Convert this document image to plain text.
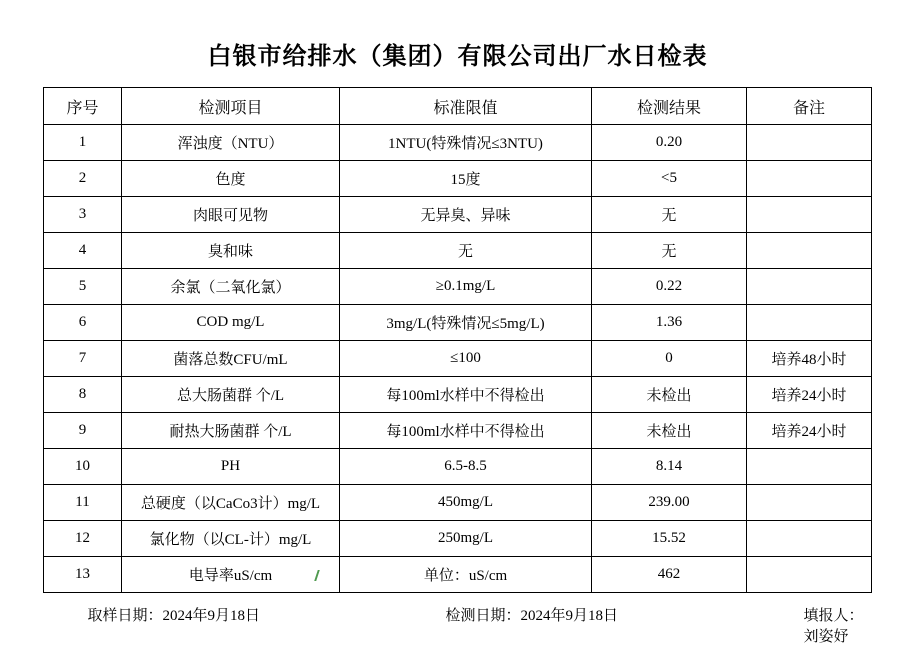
白银市给排水（集团）有限公司出厂水日检表
序号	检测项目	标准限值	检测结果	备注
1	浑浊度（NTU）	1NTU(特殊情况≤3NTU)	0.20	
2	色度	15度	<5	
3	肉眼可见物	无异臭、异味	无	
4	臭和味	无	无	
5	余氯（二氧化氯）	≥0.1mg/L	0.22	
6	COD mg/L	3mg/L(特殊情况≤5mg/L)	1.36	
7	菌落总数CFU/mL	≤100	0	培养48小时
8	总大肠菌群 个/L	每100ml水样中不得检出	未检出	培养24小时
9	耐热大肠菌群 个/L	每100ml水样中不得检出	未检出	培养24小时
10	PH	6.5-8.5	8.14	
11	总硬度（以CaCo3计）mg/L	450mg/L	239.00	
12	氯化物（以CL-计）mg/L	250mg/L	15.52	
13	电导率uS/cm	单位：uS/cm	462	
取样日期：2024年9月18日	检测日期：2024年9月18日	填报人：刘姿妤
